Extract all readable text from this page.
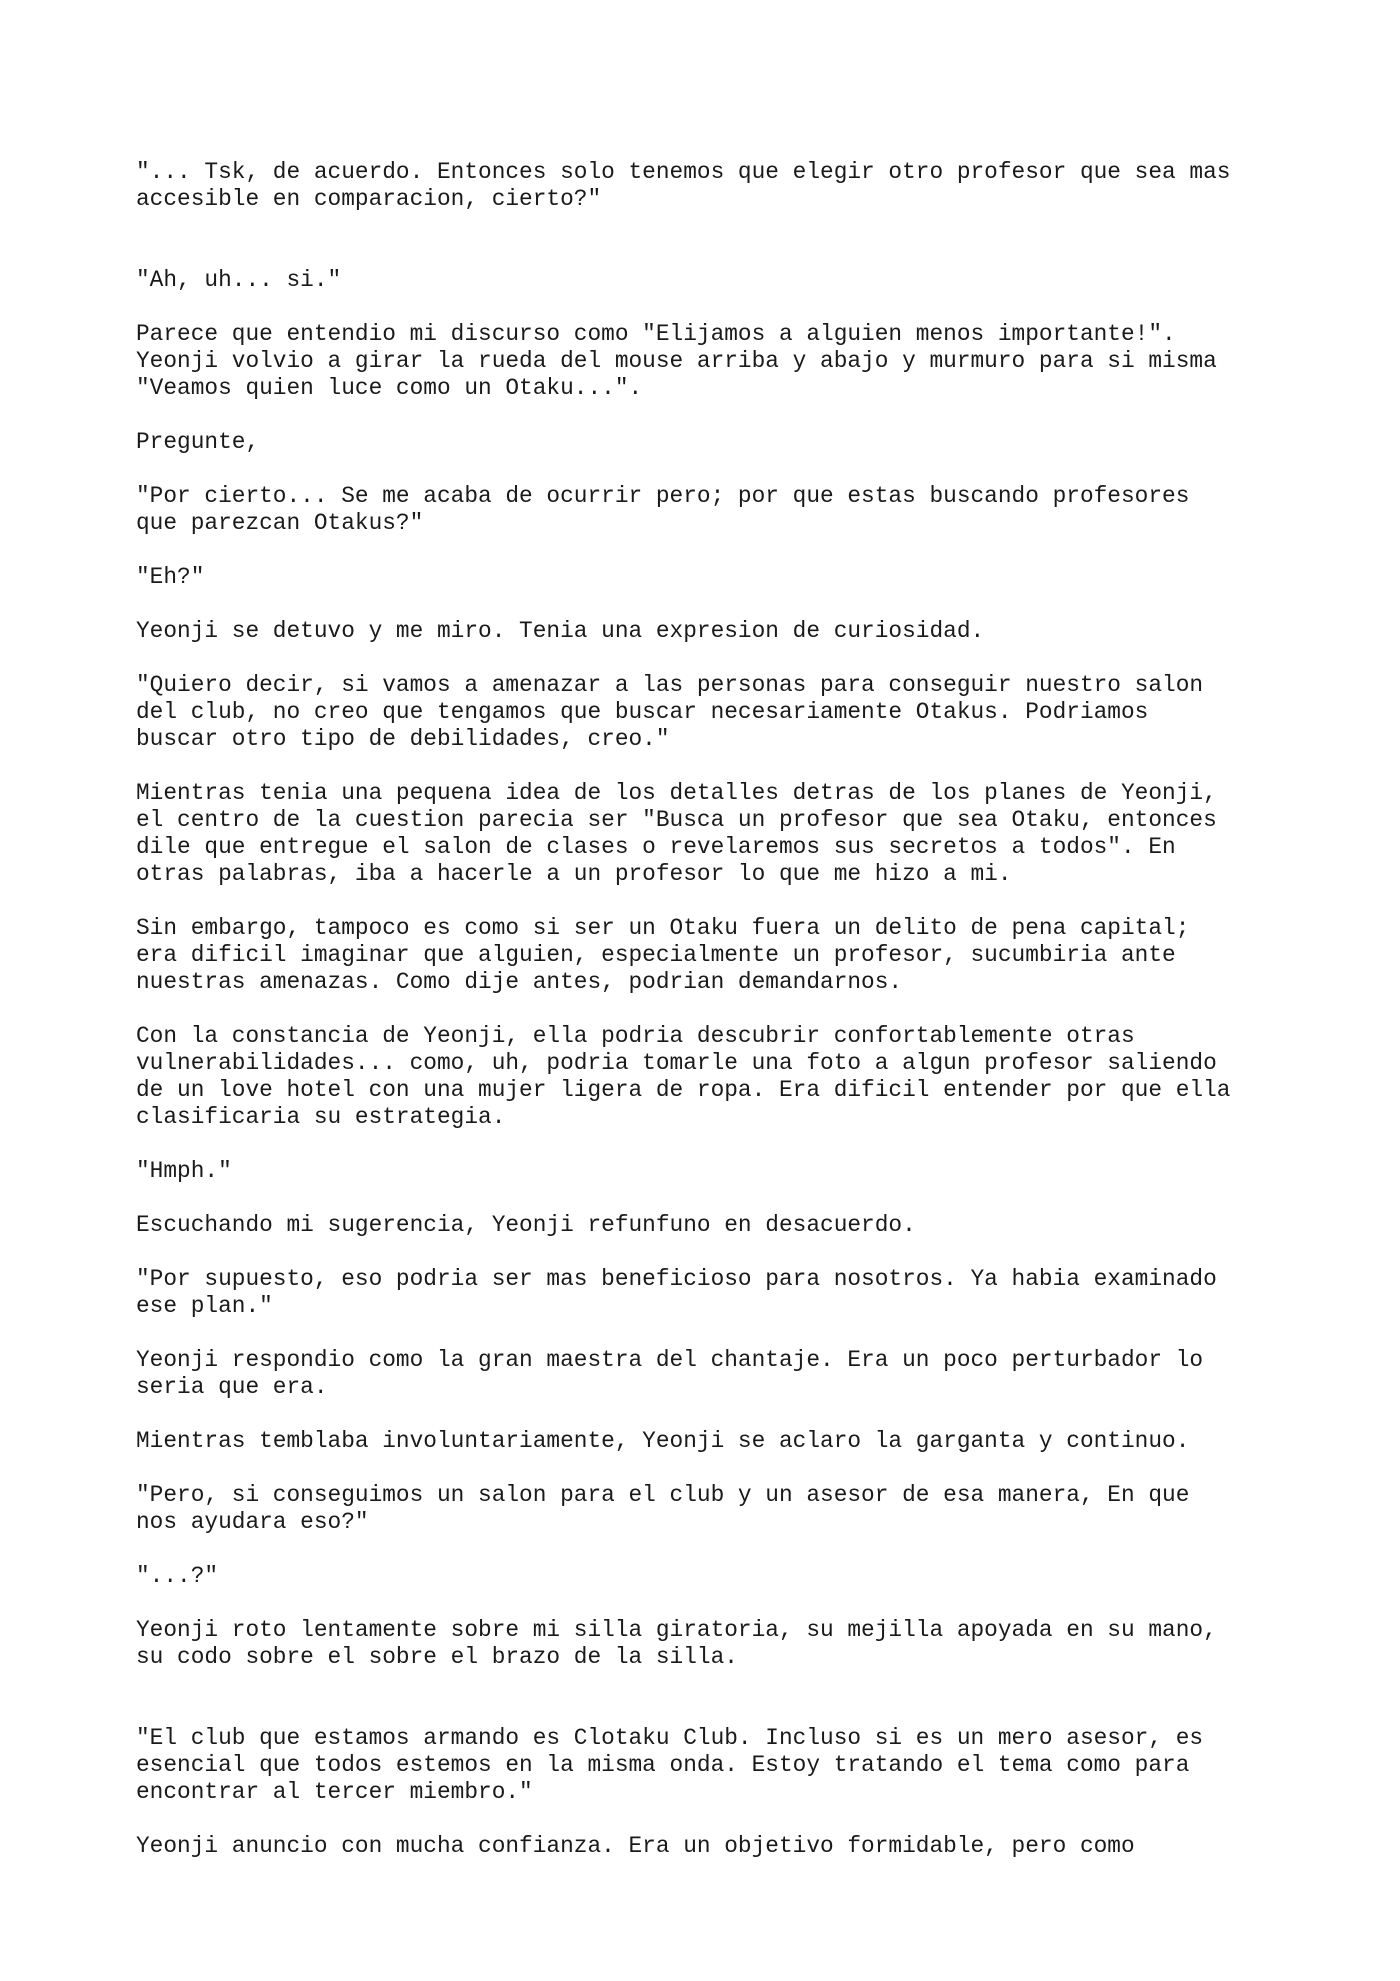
"... Tsk, de acuerdo. Entonces solo tenemos que elegir otro profesor que sea mas
accesible en comparacion, cierto?"

"Ah, uh... si."

Parece que entendio mi discurso como "Elijamos a alguien menos importante!".
Yeonji volvio a girar la rueda del mouse arriba y abajo y murmuro para si misma
"Veamos quien luce como un Otaku...".

Pregunte,

"Por cierto... Se me acaba de ocurrir pero; por que estas buscando profesores
que parezcan Otakus?"

"Eh?"

Yeonji se detuvo y me miro. Tenia una expresion de curiosidad.

"Quiero decir, si vamos a amenazar a las personas para conseguir nuestro salon
del club, no creo que tengamos que buscar necesariamente Otakus. Podriamos
buscar otro tipo de debilidades, creo."

Mientras tenia una pequena idea de los detalles detras de los planes de Yeonji,
el centro de la cuestion parecia ser "Busca un profesor que sea Otaku, entonces
dile que entregue el salon de clases o revelaremos sus secretos a todos". En
otras palabras, iba a hacerle a un profesor lo que me hizo a mi.

Sin embargo, tampoco es como si ser un Otaku fuera un delito de pena capital;
era dificil imaginar que alguien, especialmente un profesor, sucumbiria ante
nuestras amenazas. Como dije antes, podrian demandarnos.

Con la constancia de Yeonji, ella podria descubrir confortablemente otras
vulnerabilidades... como, uh, podria tomarle una foto a algun profesor saliendo
de un love hotel con una mujer ligera de ropa. Era dificil entender por que ella
clasificaria su estrategia.

"Hmph."

Escuchando mi sugerencia, Yeonji refunfuno en desacuerdo.

"Por supuesto, eso podria ser mas beneficioso para nosotros. Ya habia examinado
ese plan."

Yeonji respondio como la gran maestra del chantaje. Era un poco perturbador lo
seria que era.

Mientras temblaba involuntariamente, Yeonji se aclaro la garganta y continuo.

"Pero, si conseguimos un salon para el club y un asesor de esa manera, En que
nos ayudara eso?"

"...?"

Yeonji roto lentamente sobre mi silla giratoria, su mejilla apoyada en su mano,
su codo sobre el sobre el brazo de la silla.

"El club que estamos armando es Clotaku Club. Incluso si es un mero asesor, es
esencial que todos estemos en la misma onda. Estoy tratando el tema como para
encontrar al tercer miembro."

Yeonji anuncio con mucha confianza. Era un objetivo formidable, pero como
